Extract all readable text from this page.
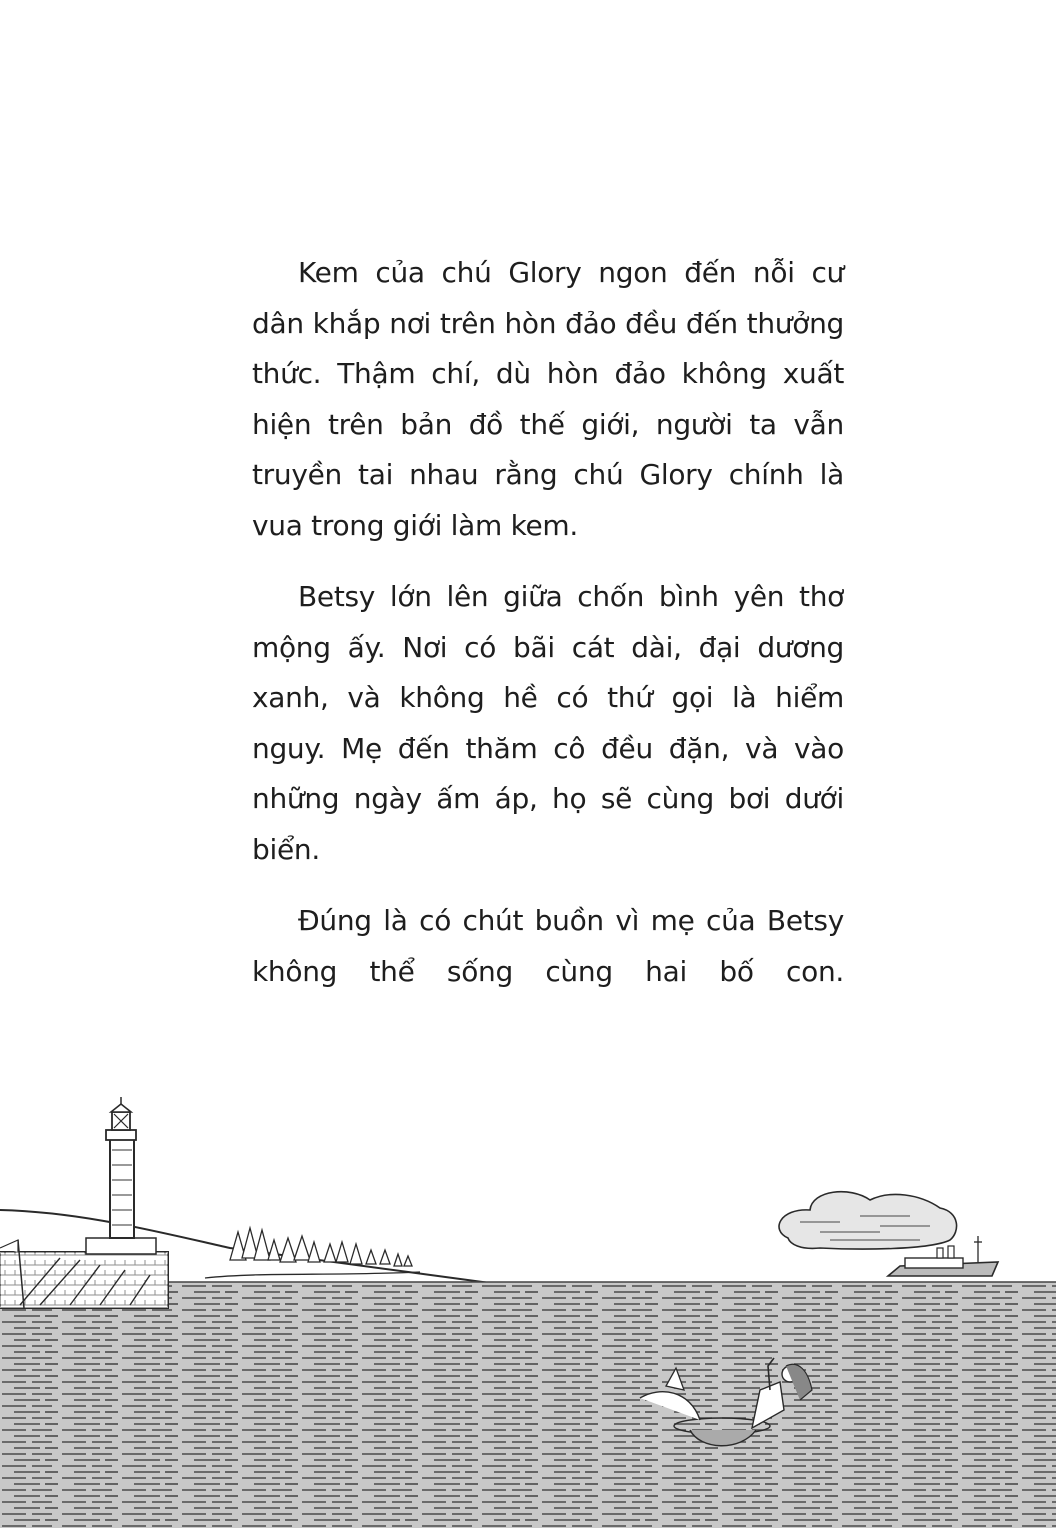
Kem của chú Glory ngon đến nỗi cư dân khắp nơi trên hòn đảo đều đến thưởng thức. Thậm chí, dù hòn đảo không xuất hiện trên bản đồ thế giới, người ta vẫn truyền tai nhau rằng chú Glory chính là vua trong giới làm kem.

Betsy lớn lên giữa chốn bình yên thơ mộng ấy. Nơi có bãi cát dài, đại dương xanh, và không hề có thứ gọi là hiểm nguy. Mẹ đến thăm cô đều đặn, và vào những ngày ấm áp, họ sẽ cùng bơi dưới biển.

Đúng là có chút buồn vì mẹ của Betsy không thể sống cùng hai bố con.
